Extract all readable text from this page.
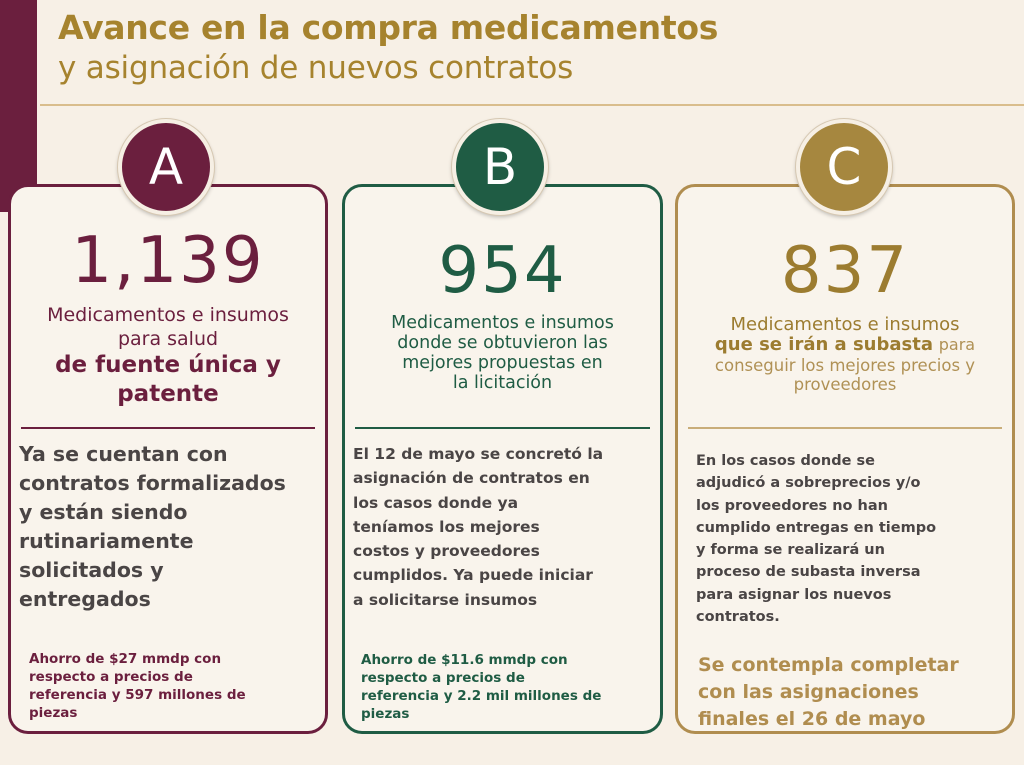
Avance en la compra medicamentos
y asignación de nuevos contratos
1,139
Medicamentos e insumos
para salud
de fuente única y
patente
Ya se cuentan con
contratos formalizados
y están siendo
rutinariamente
solicitados y
entregados
Ahorro de $27 mmdp con
respecto a precios de
referencia y 597 millones de
piezas
954
Medicamentos e insumos
donde se obtuvieron las
mejores propuestas en
la licitación
El 12 de mayo se concretó la
asignación de contratos en
los casos donde ya
teníamos los mejores
costos y proveedores
cumplidos. Ya puede iniciar
a solicitarse insumos
Ahorro de $11.6 mmdp con
respecto a precios de
referencia y 2.2 mil millones de
piezas
837
Medicamentos e insumos
que se irán a subasta para
conseguir los mejores precios y
proveedores
En los casos donde se
adjudicó a sobreprecios y/o
los proveedores no han
cumplido entregas en tiempo
y forma se realizará un
proceso de subasta inversa
para asignar los nuevos
contratos.
Se contempla completar
con las asignaciones
finales el 26 de mayo
A	B	C
